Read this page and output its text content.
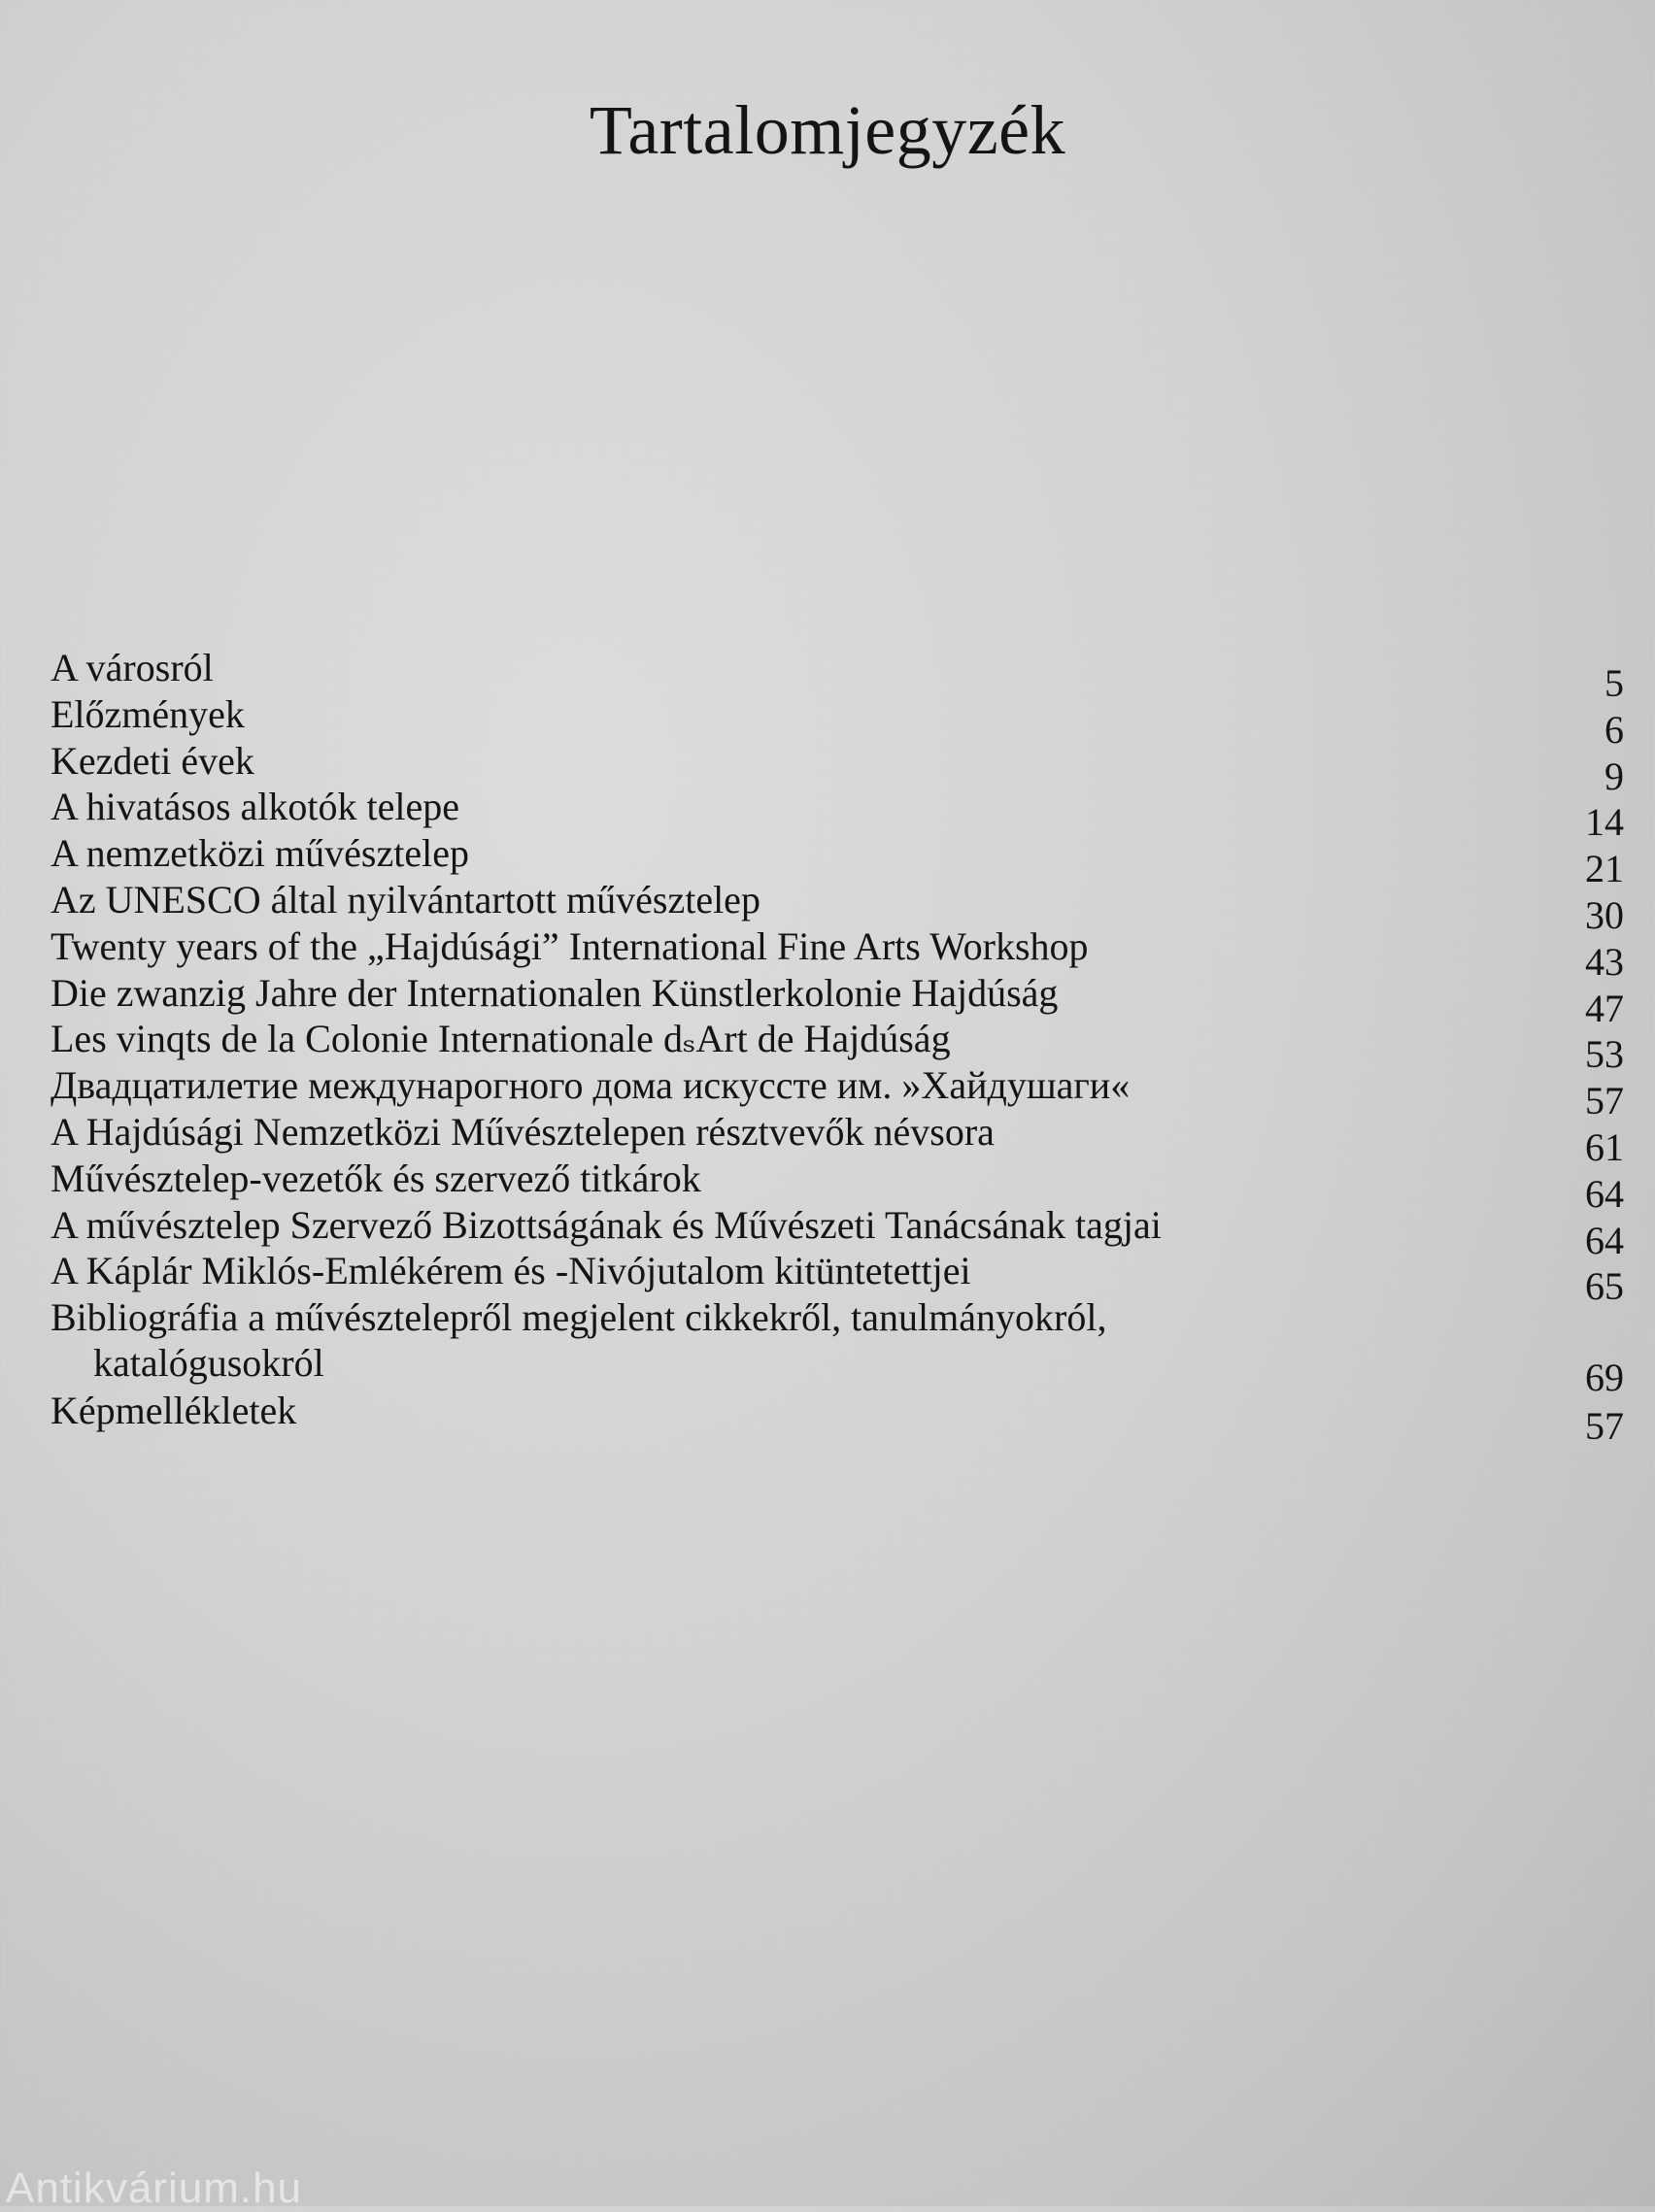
Tartalomjegyzék
A városról	5
Előzmények	6
Kezdeti évek	9
A hivatásos alkotók telepe	14
A nemzetközi művésztelep	21
Az UNESCO által nyilvántartott művésztelep	30
Twenty years of the „Hajdúsági” International Fine Arts Workshop	43
Die zwanzig Jahre der Internationalen Künstlerkolonie Hajdúság	47
Les vinqts de la Colonie Internationale dₛArt de Hajdúság	53
Двадцатилетие междунарогного дома искуссте им. »Хайдушаги«	57
A Hajdúsági Nemzetközi Művésztelepen résztvevők névsora	61
Művésztelep-vezetők és szervező titkárok	64
A művésztelep Szervező Bizottságának és Művészeti Tanácsának tagjai	64
A Káplár Miklós-Emlékérem és -Nivójutalom kitüntetettjei	65
Bibliográfia a művésztelepről megjelent cikkekről, tanulmányokról,
katalógusokról	69
Képmellékletek	57
Antikvárium.hu
